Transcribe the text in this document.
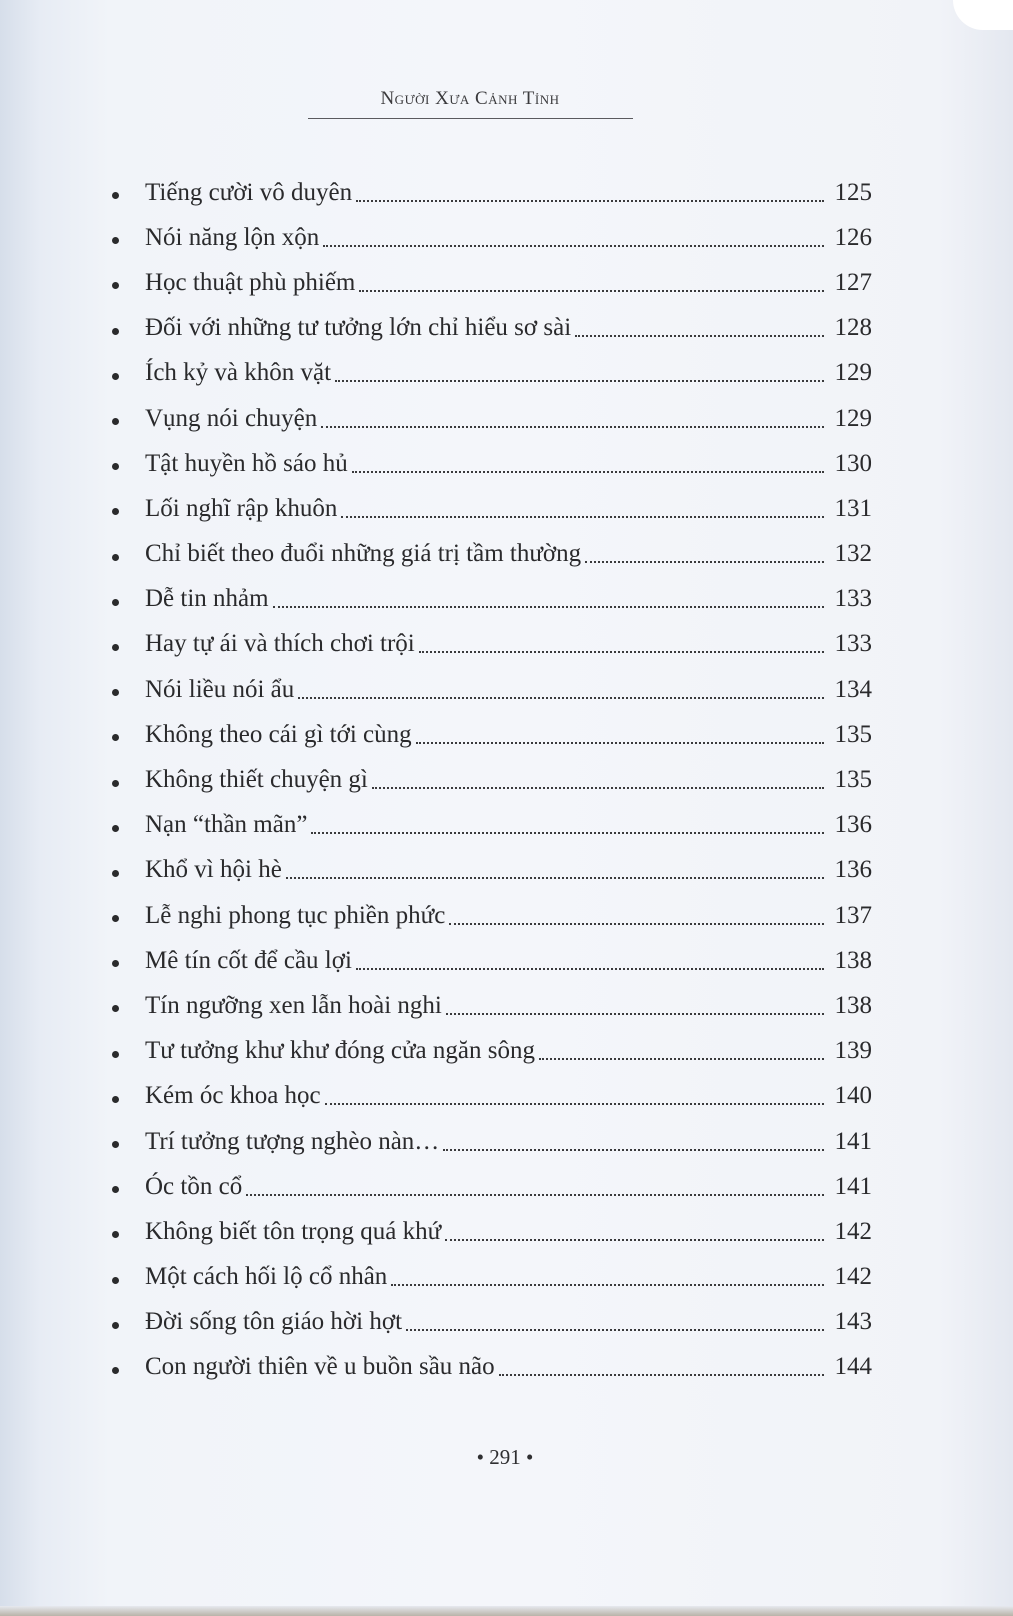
Người Xưa Cảnh Tỉnh
Tiếng cười vô duyên	125
Nói năng lộn xộn	126
Học thuật phù phiếm	127
Đối với những tư tưởng lớn chỉ hiểu sơ sài	128
Ích kỷ và khôn vặt	129
Vụng nói chuyện	129
Tật huyền hồ sáo hủ	130
Lối nghĩ rập khuôn	131
Chỉ biết theo đuổi những giá trị tầm thường	132
Dễ tin nhảm	133
Hay tự ái và thích chơi trội	133
Nói liều nói ẩu	134
Không theo cái gì tới cùng	135
Không thiết chuyện gì	135
Nạn “thần mãn”	136
Khổ vì hội hè	136
Lễ nghi phong tục phiền phức	137
Mê tín cốt để cầu lợi	138
Tín ngưỡng xen lẫn hoài nghi	138
Tư tưởng khư khư đóng cửa ngăn sông	139
Kém óc khoa học	140
Trí tưởng tượng nghèo nàn…	141
Óc tồn cổ	141
Không biết tôn trọng quá khứ	142
Một cách hối lộ cổ nhân	142
Đời sống tôn giáo hời hợt	143
Con người thiên về u buồn sầu não	144
• 291 •
